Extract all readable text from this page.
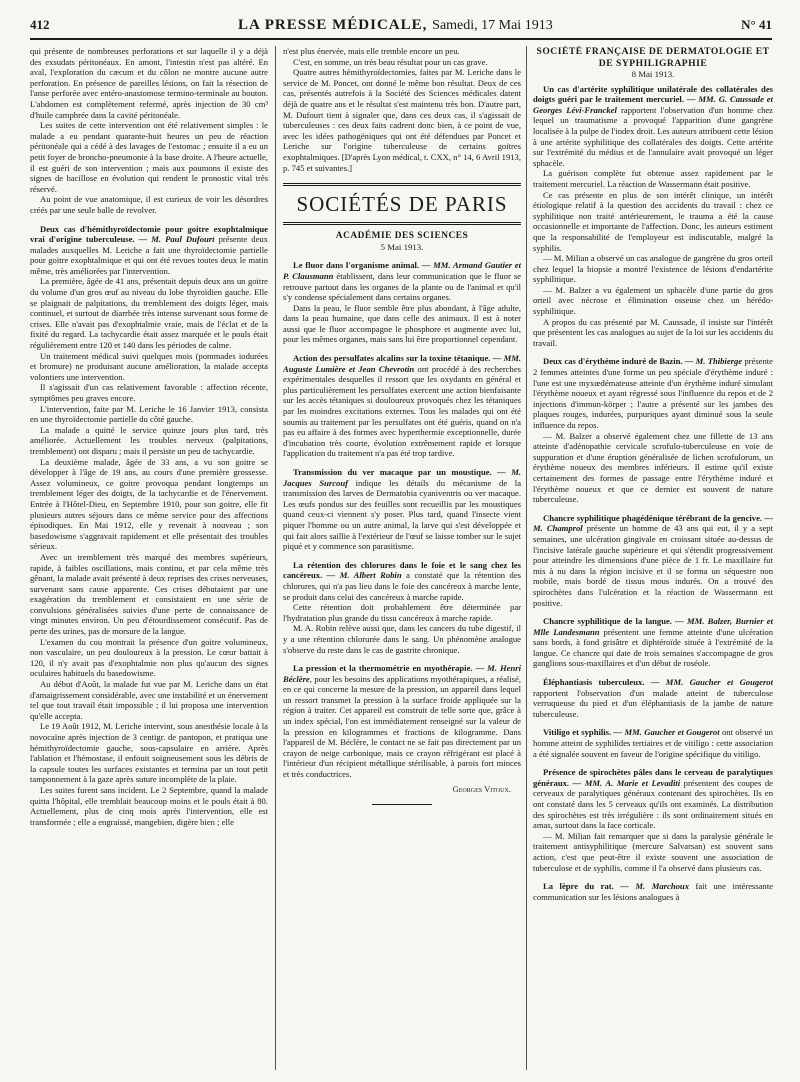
412	LA PRESSE MÉDICALE, Samedi, 17 Mai 1913	N° 41

qui présente de nombreuses perforations et sur laquelle il y a déjà des exsudats péritonéaux. En amont, l'intestin n'est pas altéré. En aval, l'exploration du cæcum et du côlon ne montre aucune autre perforation. En présence de pareilles lésions, on fait la résection de l'anse perforée avec entéro-anastomose termino-terminale au bouton. L'abdomen est complètement refermé, après injection de 30 cm³ d'huile camphrée dans la cavité péritonéale.

Les suites de cette intervention ont été relativement simples : le malade a eu pendant quarante-huit heures un peu de réaction péritonéale qui a cédé à des lavages de l'estomac ; ensuite il a eu un petit foyer de broncho-pneumonie à la base droite. A l'heure actuelle, il est guéri de son intervention ; mais aux poumons il existe des signes de bacillose en évolution qui rendent le pronostic vital très réservé.

Au point de vue anatomique, il est curieux de voir les désordres créés par une seule balle de revolver.

Deux cas d'hémithyroïdectomie pour goitre exophtalmique vrai d'origine tuberculeuse. — M. Paul Dufourt présente deux malades auxquelles M. Leriche a fait une thyroïdectomie partielle pour goitre exophtalmique et qui ont été revues toutes deux le matin même, très améliorées par l'intervention.

La première, âgée de 41 ans, présentait depuis deux ans un goitre du volume d'un gros œuf au niveau du lobe thyroïdien gauche. Elle se plaignait de palpitations, du tremblement des doigts léger, mais continuel, et surtout de diarrhée très intense survenant sous forme de crises. Elle n'avait pas d'exophtalmie vraie, mais de l'éclat et de la fixité du regard. La tachycardie était assez marquée et le pouls était régulièrement entre 120 et 140 dans les périodes de calme.

Un traitement médical suivi quelques mois (pommades iodurées et bromure) ne produisant aucune amélioration, la malade accepta volontiers une intervention.

Il s'agissait d'un cas relativement favorable : affection récente, symptômes peu graves encore.

L'intervention, faite par M. Leriche le 16 Janvier 1913, consista en une thyroïdectomie partielle du côté gauche.

La malade a quitté le service quinze jours plus tard, très améliorée. Actuellement les troubles nerveux (palpitations, tremblement) ont disparu ; mais il persiste un peu de tachycardie.

La deuxième malade, âgée de 33 ans, a vu son goitre se développer à l'âge de 19 ans, au cours d'une première grossesse. Assez volumineux, ce goitre provoqua pendant longtemps un tremblement léger des doigts, de la tachycardie et de l'énervement. Entrée à l'Hôtel-Dieu, en Septembre 1910, pour son goitre, elle fit plusieurs autres séjours dans ce même service pour des affections épisodiques. En Mai 1912, elle y revenait à nouveau ; son basedowisme s'aggravait rapidement et elle présentait des troubles sérieux.

Avec un tremblement très marqué des membres supérieurs, rapide, à faibles oscillations, mais continu, et par cela même très gênant, la malade avait présenté à deux reprises des crises nerveuses, survenant sans cause apparente. Ces crises débutaient par une exagération du tremblement et consistaient en une série de convulsions généralisées suivies d'une perte de connaissance de vingt minutes environ. Un peu d'étourdissement consécutif. Pas de perte des urines, pas de morsure de la langue.

L'examen du cou montrait la présence d'un goitre volumineux, non vasculaire, un peu douloureux à la pression. Le cœur battait à 120, il n'y avait pas d'exophtalmie non plus qu'aucun des signes oculaires habituels du basedowisme.

Au début d'Août, la malade fut vue par M. Leriche dans un état d'amaigrissement considérable, avec une instabilité et un énervement tel que tout travail était impossible ; il lui proposa une intervention qu'elle accepta.

Le 19 Août 1912, M. Leriche intervint, sous anesthésie locale à la novocaïne après injection de 3 centigr. de pantopon, et pratiqua une hémithyroïdectomie gauche, sous-capsulaire en arrière. Après l'ablation et l'hémostase, il enfouit soigneusement sous les débris de la capsule toutes les surfaces existantes et termina par un tout petit tamponnement à la gaze après suture incomplète de la plaie.

Les suites furent sans incident. Le 2 Septembre, quand la malade quitta l'hôpital, elle tremblait beaucoup moins et le pouls était à 80. Actuellement, plus de cinq mois après l'intervention, elle est transformée ; elle a engraissé, mangebien, digère bien ; elle

n'est plus énervée, mais elle tremble encore un peu.

C'est, en somme, un très beau résultat pour un cas grave.

Quatre autres hémithyroïdectomies, faites par M. Leriche dans le service de M. Poncet, ont donné le même bon résultat. Deux de ces cas, présentés autrefois à la Société des Sciences médicales datent déjà de quatre ans et le résultat s'est maintenu très bon. D'autre part, M. Dufourt tient à signaler que, dans ces deux cas, il s'agissait de tuberculeuses : ces deux faits cadrent donc bien, à ce point de vue, avec les idées pathogéniques qui ont été défendues par Poncet et Leriche sur l'origine tuberculeuse de certains goitres exophtalmiques. [D'après Lyon médical, t. CXX, n° 14, 6 Avril 1913, p. 745 et suivantes.]

SOCIÉTÉS DE PARIS
ACADÉMIE DES SCIENCES
5 Mai 1913.

Le fluor dans l'organisme animal. — MM. Armand Gautier et P. Clausmann établissent, dans leur communication que le fluor se retrouve partout dans les organes de la plante ou de l'animal et qu'il s'y condense spécialement dans certains organes.

Dans la peau, le fluor semble être plus abondant, à l'âge adulte, dans la peau humaine, que dans celle des animaux. Il est à noter aussi que le fluor accompagne le phosphore et augmente avec lui, pour les mêmes organes, mais sans lui être proportionnel cependant.

Action des persulfates alcalins sur la toxine tétanique. — MM. Auguste Lumière et Jean Chevrotin ont procédé à des recherches expérimentales desquelles il ressort que les oxydants en général et plus particulièrement les persulfates exercent une action bienfaisante sur les accès tétaniques si douloureux provoqués chez les tétaniques par les moindres excitations externes. Tous les malades qui ont été soumis au traitement par les persulfates ont été guéris, quand on n'a pas eu affaire à des formes avec hyperthermie exceptionnelle, durée d'incubation très courte, évolution extrêmement rapide et lorsque l'application du traitement n'a pas été trop tardive.

Transmission du ver macaque par un moustique. — M. Jacques Surcouf indique les détails du mécanisme de la transmission des larves de Dermatobia cyaniventris ou ver macaque. Les œufs pondus sur des feuilles sont recueillis par les moustiques quand ceux-ci viennent s'y poser. Plus tard, quand l'insecte vient piquer l'homme ou un autre animal, la larve qui s'est développée et qui fait alors saillie à l'extérieur de l'œuf se laisse tomber sur le sujet piqué et y commence son parasitisme.

La rétention des chlorures dans le foie et le sang chez les cancéreux. — M. Albert Robin a constaté que la rétention des chlorures, qui n'a pas lieu dans le foie des cancéreux à marche lente, se produit dans celui des cancéreux à marche rapide.

Cette rétention doit probablement être déterminée par l'hydratation plus grande du tissu cancéreux à marche rapide.

M. A. Robin relève aussi que, dans les cancers du tube digestif, il y a une rétention chlorurée dans le sang. Un phénomène analogue s'observe du reste dans le cas de gastrite chronique.

La pression et la thermométrie en myothérapie. — M. Henri Béclère, pour les besoins des applications myothérapiques, a réalisé, en ce qui concerne la mesure de la pression, un appareil dans lequel un ressort transmet la pression à la surface froide appliquée sur la région à traiter. Cet appareil est construit de telle sorte que, grâce à un index spécial, l'on est immédiatement renseigné sur la valeur de la pression en kilogrammes et fractions de kilogramme. Dans l'appareil de M. Béclère, le contact ne se fait pas directement par un crayon de neige carbonique, mais ce crayon réfrigérant est placé à l'intérieur d'un récipient métallique stérilisable, à parois fort minces et très conductrices.

Georges Vitoux.

SOCIÉTÉ FRANÇAISE DE DERMATOLOGIE ET DE SYPHILIGRAPHIE
8 Mai 1913.

Un cas d'artérite syphilitique unilatérale des collatérales des doigts guéri par le traitement mercuriel. — MM. G. Caussade et Georges Lévi-Franckel rapportent l'observation d'un homme chez lequel un traumatisme a provoqué l'apparition d'une gangrène localisée à la pulpe de l'index droit. Les auteurs attribuent cette lésion à une artérite syphilitique des collatérales des doigts. Cette artérite sur l'extrémité du médius et de l'annulaire avait provoqué un léger sphacèle.

La guérison complète fut obtenue assez rapidement par le traitement mercuriel. La réaction de Wassermann était positive.

Ce cas présente en plus de son intérêt clinique, un intérêt étiologique relatif à la question des accidents du travail : chez ce syphilitique non traité antérieurement, le trauma a été la cause occasionnelle et importante de l'affection. Donc, les auteurs estiment que la responsabilité de l'employeur est indiscutable, malgré la syphilis.

— M. Milian a observé un cas analogue de gangrène du gros orteil chez lequel la biopsie a montré l'existence de lésions d'endartérite syphilitique.

— M. Balzer a vu également un sphacèle d'une partie du gros orteil avec nécrose et élimination osseuse chez un hérédo-syphilitique.

A propos du cas présenté par M. Caussade, il insiste sur l'intérêt que présentent les cas analogues au sujet de la loi sur les accidents du travail.

Deux cas d'érythème induré de Bazin. — M. Thibierge présente 2 femmes atteintes d'une forme un peu spéciale d'érythème induré : l'une est une myxœdémateuse atteinte d'un érythème induré simulant l'érythème noueux et ayant régressé sous l'influence du repos et de 2 injections d'immun-körper ; l'autre a présenté sur les jambes des plaques rouges, indurées, purpuriques ayant diminué sous la seule influence du repos.

— M. Balzer a observé également chez une fillette de 13 ans atteinte d'adénopathie cervicale scrofulo-tuberculeuse en voie de suppuration et d'une éruption généralisée de lichen scrofulorum, un érythème noueux des membres inférieurs. Il estime qu'il existe certainement des formes de passage entre l'érythème induré et l'érythème noueux et que ce dernier est souvent de nature tuberculeuse.

Chancre syphilitique phagédénique térébrant de la gencive. — M. Champrol présente un homme de 43 ans qui eut, il y a sept semaines, une ulcération gingivale en croissant située au-dessus de l'incisive latérale gauche supérieure et qui s'étendit progressivement pour atteindre les dimensions d'une pièce de 1 fr. Le maxillaire fut mis à nu dans la région incisive et il se forma un séquestre non mobile, mais bordé de tissus mous indurés. On a trouvé des spirochètes dans l'ulcération et la réaction de Wassermann est positive.

Chancre syphilitique de la langue. — MM. Balzer, Burnier et Mlle Landesmann présentent une femme atteinte d'une ulcération sans bords, à fond grisâtre et diphtéroïde située à l'extrémité de la langue. Ce chancre qui date de trois semaines s'accompagne de gros ganglions sous-maxillaires et d'un début de roséole.

Éléphantiasis tuberculeux. — MM. Gaucher et Gougerot rapportent l'observation d'un malade atteint de tuberculose verruqueuse du pied et d'un éléphantiasis de la jambe de nature tuberculeuse.

Vitiligo et syphilis. — MM. Gaucher et Gougerot ont observé un homme atteint de syphilides tertiaires et de vitiligo : cette association a été signalée souvent en faveur de l'origine spécifique du vitiligo.

Présence de spirochètes pâles dans le cerveau de paralytiques généraux. — MM. A. Marie et Levaditi présentent des coupes de cerveaux de paralytiques généraux contenant des spirochètes. Ils en ont constaté dans les 5 cerveaux qu'ils ont examinés. La distribution des spirochètes est très irrégulière : ils sont ordinairement situés en amas, surtout dans la face corticale.

— M. Milian fait remarquer que si dans la paralysie générale le traitement antisyphilitique (mercure Salvarsan) est souvent sans action, c'est que peut-être il existe souvent une association de tuberculose et de syphilis, comme il l'a observé dans plusieurs cas.

La lèpre du rat. — M. Marchoux fait une intéressante communication sur les lésions analogues à
